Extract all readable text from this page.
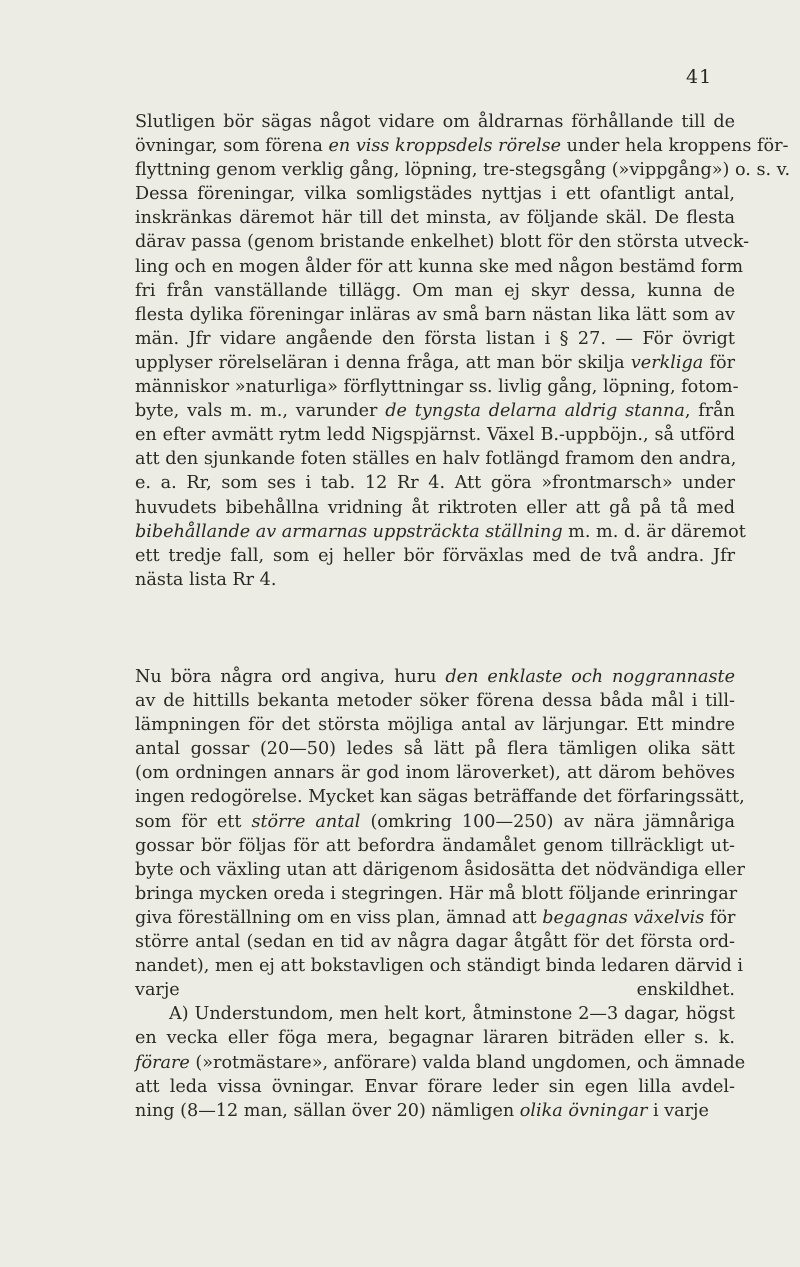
41
Slutligen bör sägas något vidare om åldrarnas förhållande till de
övningar, som förena en viss kroppsdels rörelse under hela kroppens för-
flyttning genom verklig gång, löpning, tre-stegsgång (»vippgång») o. s. v.
Dessa föreningar, vilka somligstädes nyttjas i ett ofantligt antal,
inskränkas däremot här till det minsta, av följande skäl. De flesta
därav passa (genom bristande enkelhet) blott för den största utveck-
ling och en mogen ålder för att kunna ske med någon bestämd form
fri från vanställande tillägg. Om man ej skyr dessa, kunna de
flesta dylika föreningar inläras av små barn nästan lika lätt som av
män. Jfr vidare angående den första listan i § 27. — För övrigt
upplyser rörelseläran i denna fråga, att man bör skilja verkliga för
människor »naturliga» förflyttningar ss. livlig gång, löpning, fotom-
byte, vals m. m., varunder de tyngsta delarna aldrig stanna, från
en efter avmätt rytm ledd Nigspjärnst. Växel B.-uppböjn., så utförd
att den sjunkande foten ställes en halv fotlängd framom den andra,
e. a. Rr, som ses i tab. 12 Rr 4. Att göra »frontmarsch» under
huvudets bibehållna vridning åt riktroten eller att gå på tå med
bibehållande av armarnas uppsträckta ställning m. m. d. är däremot
ett tredje fall, som ej heller bör förväxlas med de två andra. Jfr
nästa lista Rr 4.
Nu böra några ord angiva, huru den enklaste och noggrannaste
av de hittills bekanta metoder söker förena dessa båda mål i till-
lämpningen för det största möjliga antal av lärjungar. Ett mindre
antal gossar (20—50) ledes så lätt på flera tämligen olika sätt
(om ordningen annars är god inom läroverket), att därom behöves
ingen redogörelse. Mycket kan sägas beträffande det förfaringssätt,
som för ett större antal (omkring 100—250) av nära jämnåriga
gossar bör följas för att befordra ändamålet genom tillräckligt ut-
byte och växling utan att därigenom åsidosätta det nödvändiga eller
bringa mycken oreda i stegringen. Här må blott följande erinringar
giva föreställning om en viss plan, ämnad att begagnas växelvis för
större antal (sedan en tid av några dagar åtgått för det första ord-
nandet), men ej att bokstavligen och ständigt binda ledaren därvid i
varje enskildhet.
A) Understundom, men helt kort, åtminstone 2—3 dagar, högst
en vecka eller föga mera, begagnar läraren biträden eller s. k.
förare (»rotmästare», anförare) valda bland ungdomen, och ämnade
att leda vissa övningar. Envar förare leder sin egen lilla avdel-
ning (8—12 man, sällan över 20) nämligen olika övningar i varje
